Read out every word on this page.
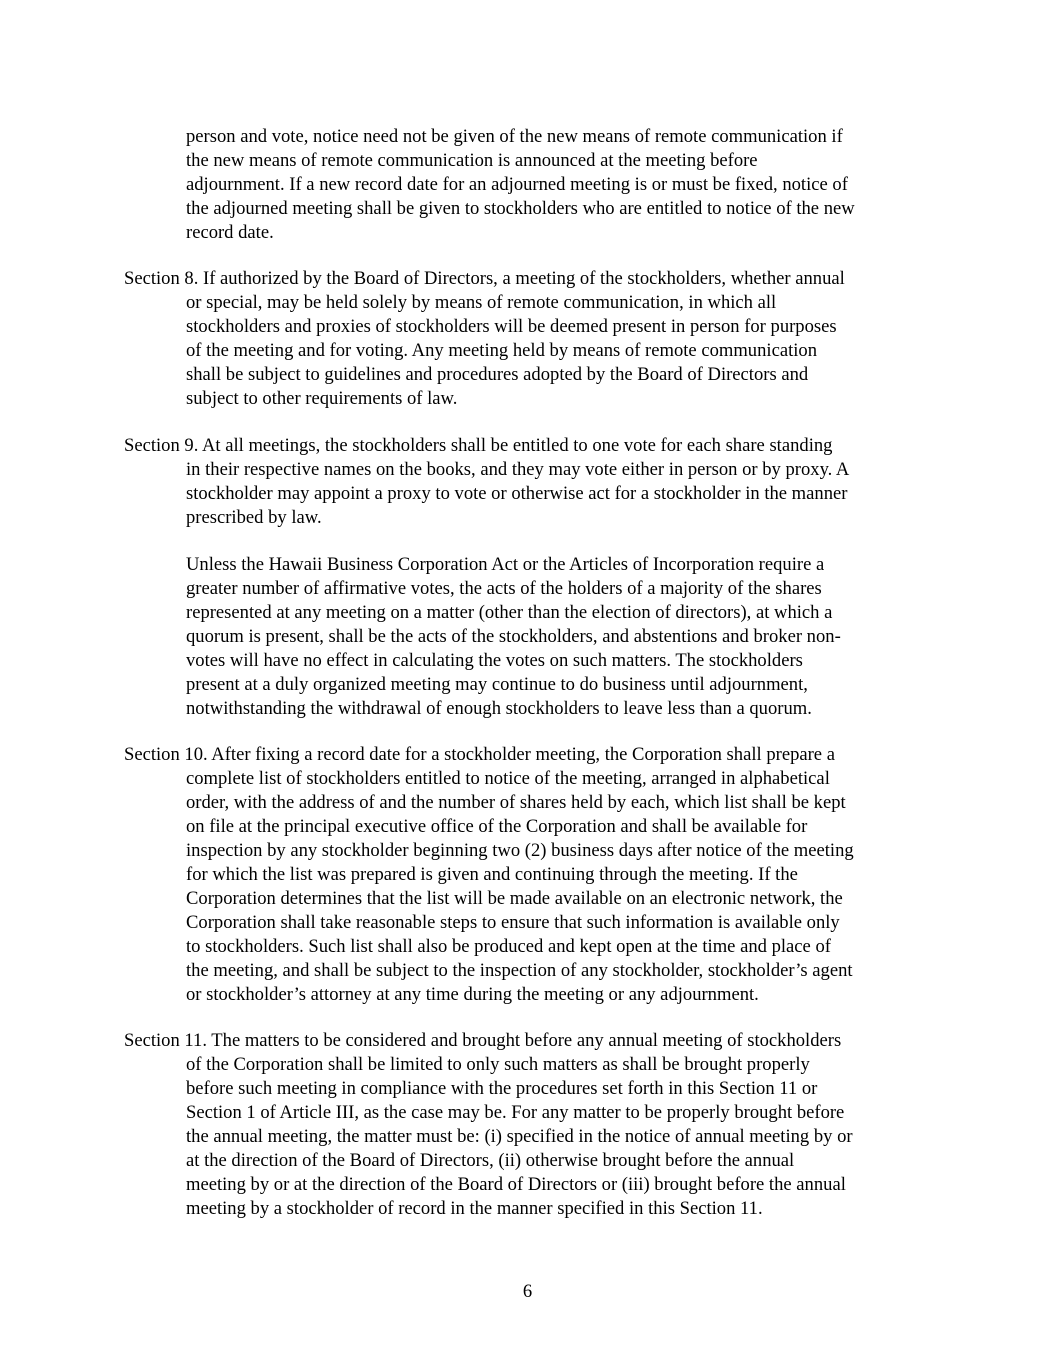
person and vote, notice need not be given of the new means of remote communication if
the new means of remote communication is announced at the meeting before
adjournment. If a new record date for an adjourned meeting is or must be fixed, notice of
the adjourned meeting shall be given to stockholders who are entitled to notice of the new
record date.
Section 8. If authorized by the Board of Directors, a meeting of the stockholders, whether annual
or special, may be held solely by means of remote communication, in which all
stockholders and proxies of stockholders will be deemed present in person for purposes
of the meeting and for voting. Any meeting held by means of remote communication
shall be subject to guidelines and procedures adopted by the Board of Directors and
subject to other requirements of law.
Section 9. At all meetings, the stockholders shall be entitled to one vote for each share standing
in their respective names on the books, and they may vote either in person or by proxy. A
stockholder may appoint a proxy to vote or otherwise act for a stockholder in the manner
prescribed by law.
Unless the Hawaii Business Corporation Act or the Articles of Incorporation require a
greater number of affirmative votes, the acts of the holders of a majority of the shares
represented at any meeting on a matter (other than the election of directors), at which a
quorum is present, shall be the acts of the stockholders, and abstentions and broker non-
votes will have no effect in calculating the votes on such matters. The stockholders
present at a duly organized meeting may continue to do business until adjournment,
notwithstanding the withdrawal of enough stockholders to leave less than a quorum.
Section 10. After fixing a record date for a stockholder meeting, the Corporation shall prepare a
complete list of stockholders entitled to notice of the meeting, arranged in alphabetical
order, with the address of and the number of shares held by each, which list shall be kept
on file at the principal executive office of the Corporation and shall be available for
inspection by any stockholder beginning two (2) business days after notice of the meeting
for which the list was prepared is given and continuing through the meeting. If the
Corporation determines that the list will be made available on an electronic network, the
Corporation shall take reasonable steps to ensure that such information is available only
to stockholders. Such list shall also be produced and kept open at the time and place of
the meeting, and shall be subject to the inspection of any stockholder, stockholder’s agent
or stockholder’s attorney at any time during the meeting or any adjournment.
Section 11. The matters to be considered and brought before any annual meeting of stockholders
of the Corporation shall be limited to only such matters as shall be brought properly
before such meeting in compliance with the procedures set forth in this Section 11 or
Section 1 of Article III, as the case may be. For any matter to be properly brought before
the annual meeting, the matter must be: (i) specified in the notice of annual meeting by or
at the direction of the Board of Directors, (ii) otherwise brought before the annual
meeting by or at the direction of the Board of Directors or (iii) brought before the annual
meeting by a stockholder of record in the manner specified in this Section 11.
6
